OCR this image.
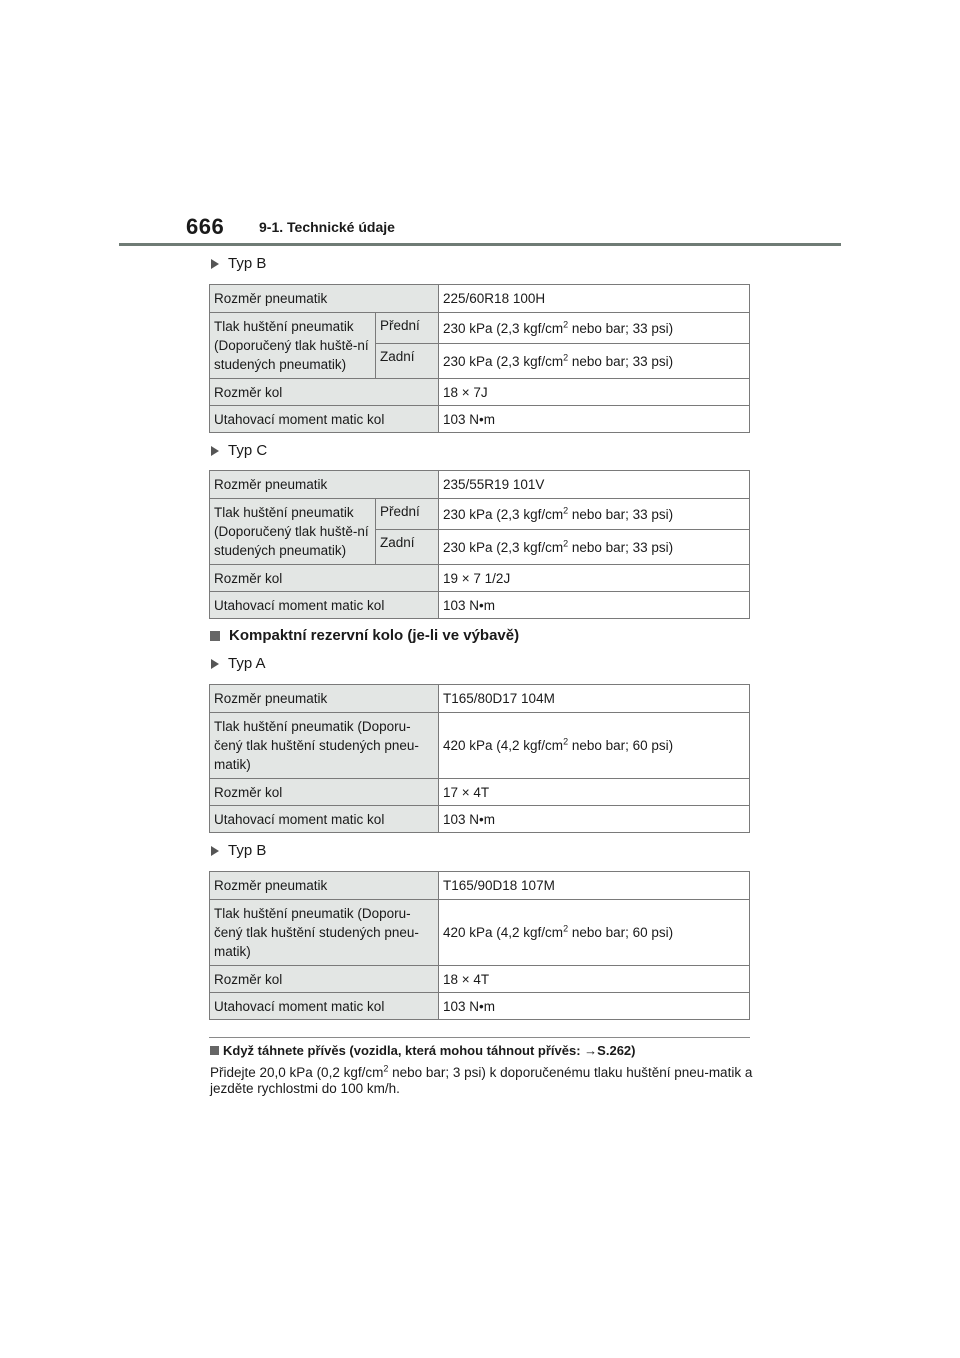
666 9-1. Technické údaje
Typ B
Rozměr pneumatik		225/60R18 100H
Tlak huštění pneumatik (Doporučený tlak huště-ní studených pneumatik)	Přední	230 kPa (2,3 kgf/$cm^2$ nebo bar; 33 psi)
	Zadní	230 kPa (2,3 kgf/$cm^2$ nebo bar; 33 psi)
Rozměr kol		18 × 7J
Utahovací moment matic kol		103 N•m
Typ C
Rozměr pneumatik		235/55R19 101V
Tlak huštění pneumatik (Doporučený tlak huště-ní studených pneumatik)	Přední	230 kPa (2,3 kgf/$cm^2$ nebo bar; 33 psi)
	Zadní	230 kPa (2,3 kgf/$cm^2$ nebo bar; 33 psi)
Rozměr kol		19 × 7 1/2J
Utahovací moment matic kol		103 N•m
Kompaktní rezervní kolo (je-li ve výbavě)
Typ A
Rozměr pneumatik	T165/80D17 104M
Tlak huštění pneumatik (Doporu-čený tlak huštění studených pneu-matik)	420 kPa (4,2 kgf/$cm^2$ nebo bar; 60 psi)
Rozměr kol	17 × 4T
Utahovací moment matic kol	103 N•m
Typ B
Rozměr pneumatik	T165/90D18 107M
Tlak huštění pneumatik (Doporu-čený tlak huštění studených pneu-matik)	420 kPa (4,2 kgf/$cm^2$ nebo bar; 60 psi)
Rozměr kol	18 × 4T
Utahovací moment matic kol	103 N•m
Když táhnete přívěs (vozidla, která mohou táhnout přívěs: →S.262)
Přidejte 20,0 kPa (0,2 kgf/$cm^2$ nebo bar; 3 psi) k doporučenému tlaku huštění pneu-matik a jezděte rychlostmi do 100 km/h.
